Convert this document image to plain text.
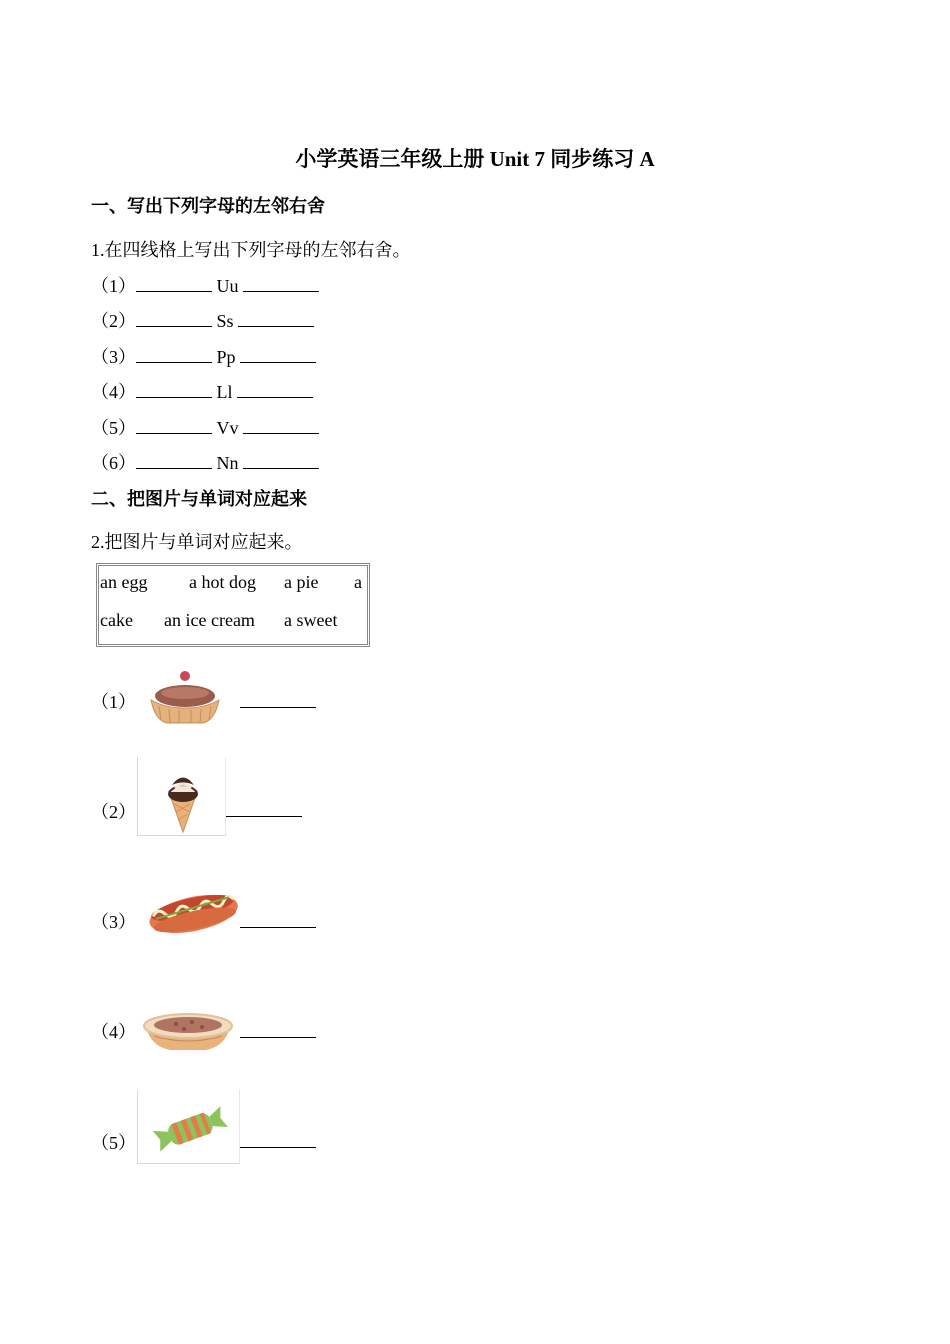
小学英语三年级上册 Unit 7 同步练习 A
一、写出下列字母的左邻右舍
1.在四线格上写出下列字母的左邻右舍。
（1）	Uu
（2）	Ss
（3）	Pp
（4）	Ll
（5）	Vv
（6）	Nn
二、把图片与单词对应起来
2.把图片与单词对应起来。
an egg a hot dog a pie a
cake an ice cream a sweet
（1）
（2）
（3）
（4）
（5）
